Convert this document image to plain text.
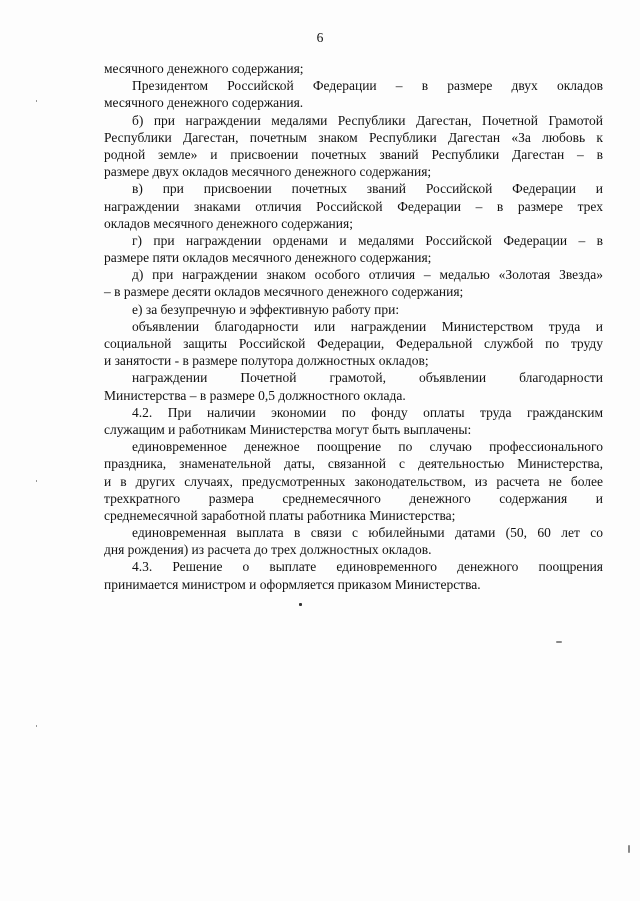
6
месячного денежного содержания;
Президентом Российской Федерации – в размере двух окладов
месячного денежного содержания.
б) при награждении медалями Республики Дагестан, Почетной Грамотой
Республики Дагестан, почетным знаком Республики Дагестан «За любовь к
родной земле» и присвоении почетных званий Республики Дагестан – в
размере двух окладов месячного денежного содержания;
в) при присвоении почетных званий Российской Федерации и
награждении знаками отличия Российской Федерации – в размере трех
окладов месячного денежного содержания;
г) при награждении орденами и медалями Российской Федерации – в
размере пяти окладов месячного денежного содержания;
д) при награждении знаком особого отличия – медалью «Золотая Звезда»
– в размере десяти окладов месячного денежного содержания;
е) за безупречную и эффективную работу при:
объявлении благодарности или награждении Министерством труда и
социальной защиты Российской Федерации, Федеральной службой по труду
и занятости - в размере полутора должностных окладов;
награждении Почетной грамотой, объявлении благодарности
Министерства – в размере 0,5 должностного оклада.
4.2. При наличии экономии по фонду оплаты труда гражданским
служащим и работникам Министерства могут быть выплачены:
единовременное денежное поощрение по случаю профессионального
праздника, знаменательной даты, связанной с деятельностью Министерства,
и в других случаях, предусмотренных законодательством, из расчета не более
трехкратного размера среднемесячного денежного содержания и
среднемесячной заработной платы работника Министерства;
единовременная выплата в связи с юбилейными датами (50, 60 лет со
дня рождения) из расчета до трех должностных окладов.
4.3. Решение о выплате единовременного денежного поощрения
принимается министром и оформляется приказом Министерства.
